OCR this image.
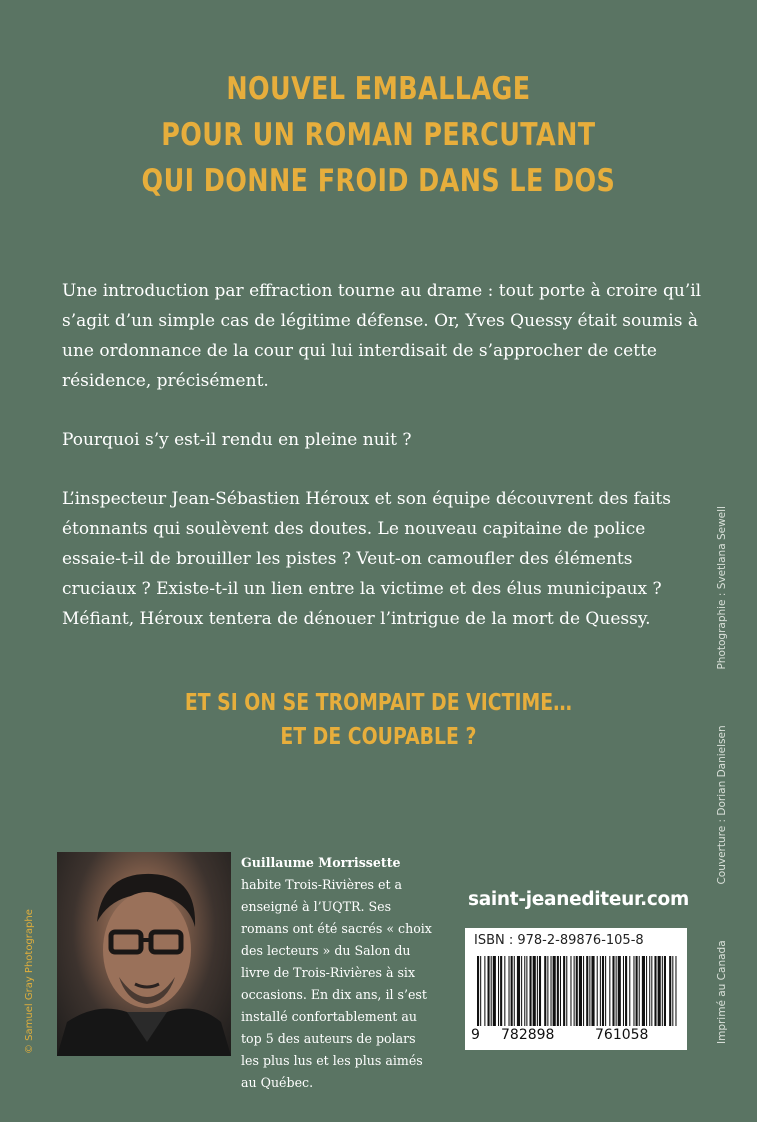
NOUVEL EMBALLAGE
POUR UN ROMAN PERCUTANT
QUI DONNE FROID DANS LE DOS

Une introduction par effraction tourne au drame : tout porte à croire qu’il s’agit d’un simple cas de légitime défense. Or, Yves Quessy était soumis à une ordonnance de la cour qui lui interdisait de s’approcher de cette résidence, précisément.

Pourquoi s’y est-il rendu en pleine nuit ?

L’inspecteur Jean-Sébastien Héroux et son équipe découvrent des faits étonnants qui soulèvent des doutes. Le nouveau capitaine de police essaie-t-il de brouiller les pistes ? Veut-on camoufler des éléments cruciaux ? Existe-t-il un lien entre la victime et des élus municipaux ? Méfiant, Héroux tentera de dénouer l’intrigue de la mort de Quessy.

ET SI ON SE TROMPAIT DE VICTIME…
ET DE COUPABLE ?
Imprimé au Canada
Couverture : Dorian Danielsen
Photographie : Svetlana Sewell
© Samuel Gray Photographe
Guillaume Morrissette habite Trois-Rivières et a enseigné à l’UQTR. Ses romans ont été sacrés « choix des lecteurs » du Salon du livre de Trois-Rivières à six occasions. En dix ans, il s’est installé confortablement au top 5 des auteurs de polars les plus lus et les plus aimés au Québec.
saint-jeanediteur.com
ISBN : 978-2-89876-105-8
9 782898	761058
